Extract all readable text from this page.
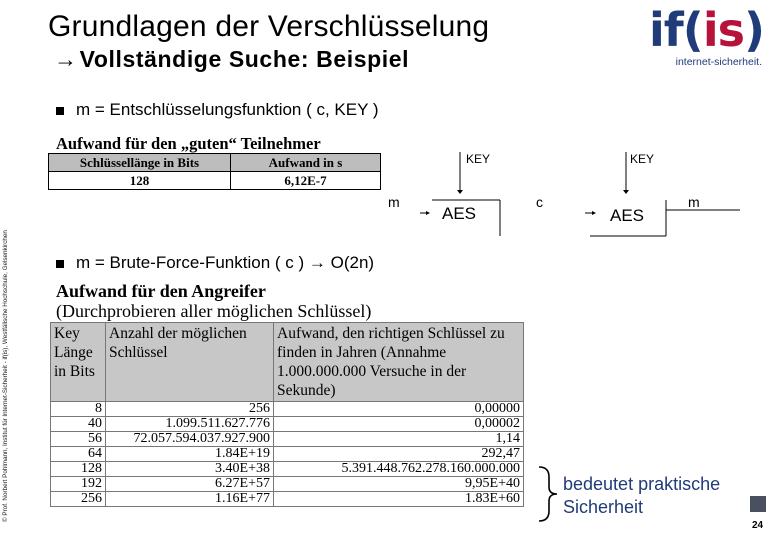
© Prof. Norbert Pohlmann, Institut für Internet-Sicherheit - if(is), Westfälische Hochschule, Gelsenkirchen
Grundlagen der Verschlüsselung
→Vollständige Suche: Beispiel
if(is)
internet-sicherheit.
m = Entschlüsselungsfunktion ( c, KEY )
Aufwand für den „guten“ Teilnehmer
Schlüssellänge in Bits	Aufwand in s
128	6,12E-7
KEY	KEY
m
AES
c
AES
m
m = Brute-Force-Funktion ( c ) → O(2n)
Aufwand für den Angreifer
(Durchprobieren aller möglichen Schlüssel)
Key Länge in Bits	Anzahl der möglichen Schlüssel	Aufwand, den richtigen Schlüssel zu finden in Jahren (Annahme 1.000.000.000 Versuche in der Sekunde)
8	256	0,00000
40	1.099.511.627.776	0,00002
56	72.057.594.037.927.900	1,14
64	1.84E+19	292,47
128	3.40E+38	5.391.448.762.278.160.000.000
192	6.27E+57	9,95E+40
256	1.16E+77	1.83E+60
bedeutet praktische
Sicherheit
24
